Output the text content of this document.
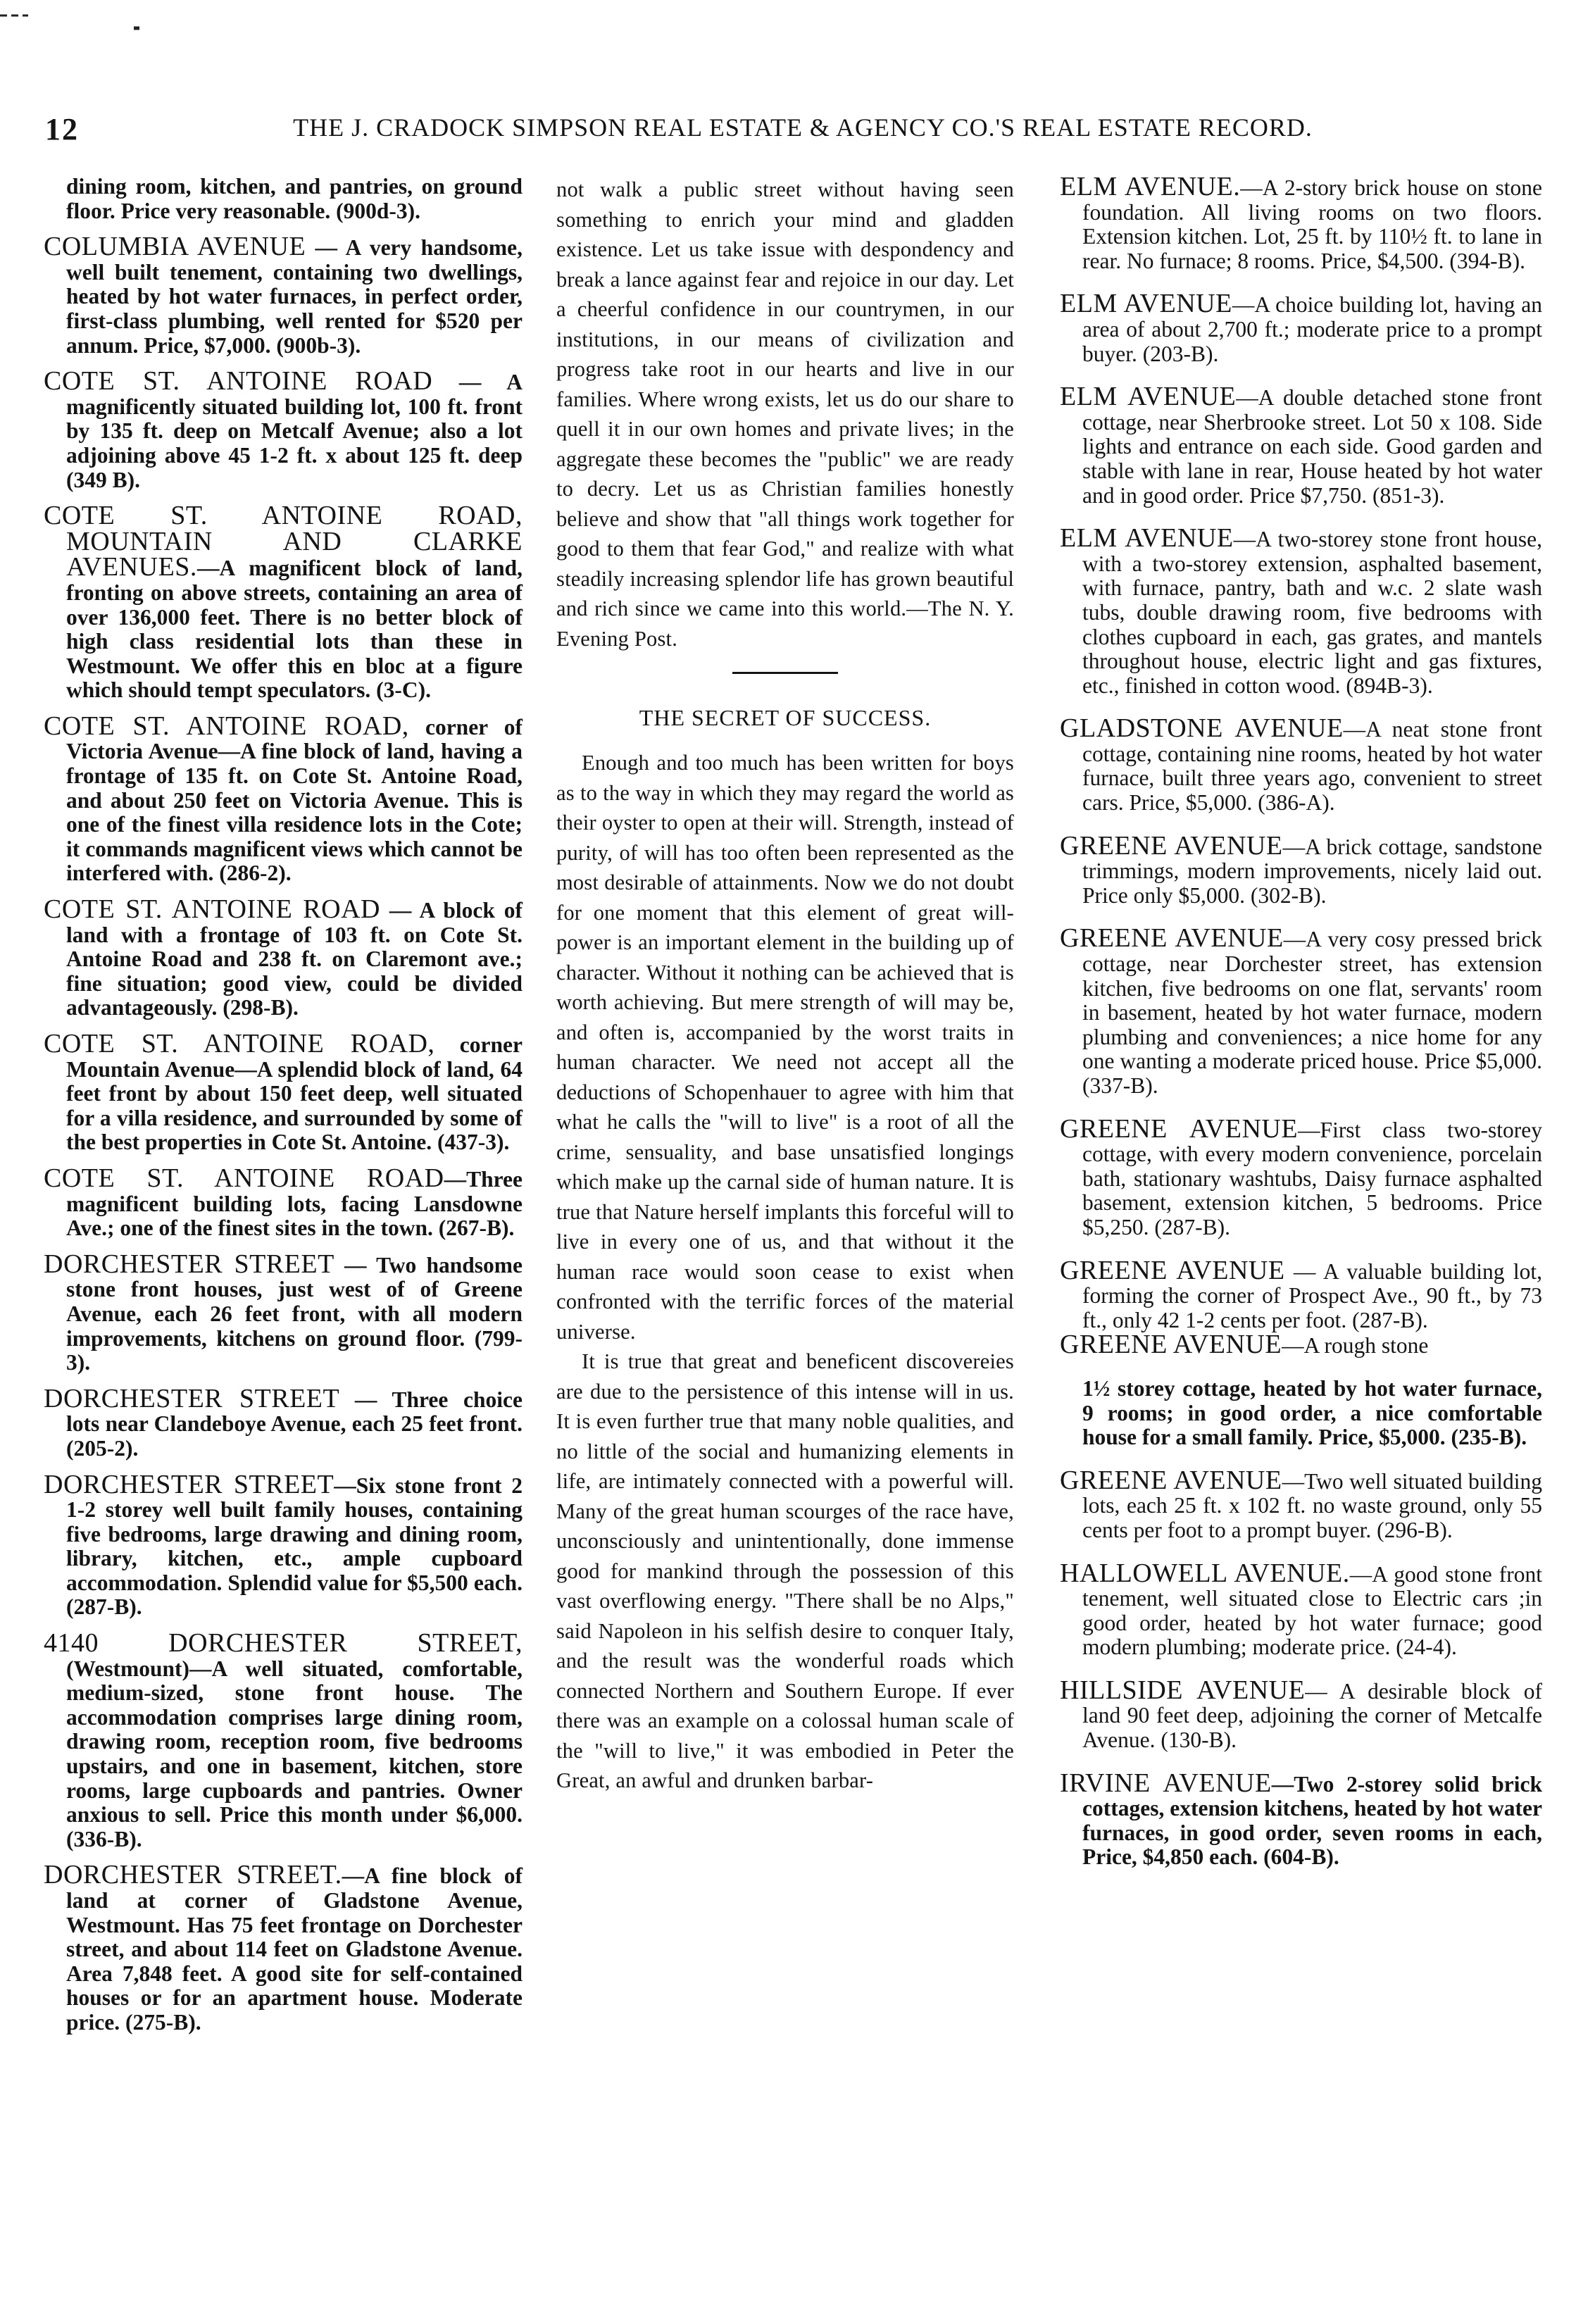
12	THE J. CRADOCK SIMPSON REAL ESTATE & AGENCY CO.'S REAL ESTATE RECORD.

dining room, kitchen, and pantries, on ground floor. Price very reasonable. (900d-3).

COLUMBIA AVENUE — A very handsome, well built tenement, containing two dwellings, heated by hot water furnaces, in perfect order, first-class plumbing, well rented for $520 per annum. Price, $7,000. (900b-3).

COTE ST. ANTOINE ROAD — A magnificently situated building lot, 100 ft. front by 135 ft. deep on Metcalf Avenue; also a lot adjoining above 45 1-2 ft. x about 125 ft. deep (349 B).

COTE ST. ANTOINE ROAD, MOUNTAIN AND CLARKE AVENUES.—A magnificent block of land, fronting on above streets, containing an area of over 136,000 feet. There is no better block of high class residential lots than these in Westmount. We offer this en bloc at a figure which should tempt speculators. (3-C).

COTE ST. ANTOINE ROAD, corner of Victoria Avenue—A fine block of land, having a frontage of 135 ft. on Cote St. Antoine Road, and about 250 feet on Victoria Avenue. This is one of the finest villa residence lots in the Cote; it commands magnificent views which cannot be interfered with. (286-2).

COTE ST. ANTOINE ROAD — A block of land with a frontage of 103 ft. on Cote St. Antoine Road and 238 ft. on Claremont ave.; fine situation; good view, could be divided advantageously. (298-B).

COTE ST. ANTOINE ROAD, corner Mountain Avenue—A splendid block of land, 64 feet front by about 150 feet deep, well situated for a villa residence, and surrounded by some of the best properties in Cote St. Antoine. (437-3).

COTE ST. ANTOINE ROAD—Three magnificent building lots, facing Lansdowne Ave.; one of the finest sites in the town. (267-B).

DORCHESTER STREET — Two handsome stone front houses, just west of of Greene Avenue, each 26 feet front, with all modern improvements, kitchens on ground floor. (799-3).

DORCHESTER STREET — Three choice lots near Clandeboye Avenue, each 25 feet front. (205-2).

DORCHESTER STREET—Six stone front 2 1-2 storey well built family houses, containing five bedrooms, large drawing and dining room, library, kitchen, etc., ample cupboard accommodation. Splendid value for $5,500 each. (287-B).

4140 DORCHESTER STREET, (Westmount)—A well situated, comfortable, medium-sized, stone front house. The accommodation comprises large dining room, drawing room, reception room, five bedrooms upstairs, and one in basement, kitchen, store rooms, large cupboards and pantries. Owner anxious to sell. Price this month under $6,000. (336-B).

DORCHESTER STREET.—A fine block of land at corner of Gladstone Avenue, Westmount. Has 75 feet frontage on Dorchester street, and about 114 feet on Gladstone Avenue. Area 7,848 feet. A good site for self-contained houses or for an apartment house. Moderate price. (275-B).

not walk a public street without having seen something to enrich your mind and gladden existence. Let us take issue with despondency and break a lance against fear and rejoice in our day. Let a cheerful confidence in our countrymen, in our institutions, in our means of civilization and progress take root in our hearts and live in our families. Where wrong exists, let us do our share to quell it in our own homes and private lives; in the aggregate these becomes the "public" we are ready to decry. Let us as Christian families honestly believe and show that "all things work together for good to them that fear God," and realize with what steadily increasing splendor life has grown beautiful and rich since we came into this world.—The N. Y. Evening Post.

THE SECRET OF SUCCESS.

Enough and too much has been written for boys as to the way in which they may regard the world as their oyster to open at their will. Strength, instead of purity, of will has too often been represented as the most desirable of attainments. Now we do not doubt for one moment that this element of great will-power is an important element in the building up of character. Without it nothing can be achieved that is worth achieving. But mere strength of will may be, and often is, accompanied by the worst traits in human character. We need not accept all the deductions of Schopenhauer to agree with him that what he calls the "will to live" is a root of all the crime, sensuality, and base unsatisfied longings which make up the carnal side of human nature. It is true that Nature herself implants this forceful will to live in every one of us, and that without it the human race would soon cease to exist when confronted with the terrific forces of the material universe.

It is true that great and beneficent discovereies are due to the persistence of this intense will in us. It is even further true that many noble qualities, and no little of the social and humanizing elements in life, are intimately connected with a powerful will. Many of the great human scourges of the race have, unconsciously and unintentionally, done immense good for mankind through the possession of this vast overflowing energy. "There shall be no Alps," said Napoleon in his selfish desire to conquer Italy, and the result was the wonderful roads which connected Northern and Southern Europe. If ever there was an example on a colossal human scale of the "will to live," it was embodied in Peter the Great, an awful and drunken barbar-

ELM AVENUE.—A 2-story brick house on stone foundation. All living rooms on two floors. Extension kitchen. Lot, 25 ft. by 110½ ft. to lane in rear. No furnace; 8 rooms. Price, $4,500. (394-B).

ELM AVENUE—A choice building lot, having an area of about 2,700 ft.; moderate price to a prompt buyer. (203-B).

ELM AVENUE—A double detached stone front cottage, near Sherbrooke street. Lot 50 x 108. Side lights and entrance on each side. Good garden and stable with lane in rear, House heated by hot water and in good order. Price $7,750. (851-3).

ELM AVENUE—A two-storey stone front house, with a two-storey extension, asphalted basement, with furnace, pantry, bath and w.c. 2 slate wash tubs, double drawing room, five bedrooms with clothes cupboard in each, gas grates, and mantels throughout house, electric light and gas fixtures, etc., finished in cotton wood. (894B-3).

GLADSTONE AVENUE—A neat stone front cottage, containing nine rooms, heated by hot water furnace, built three years ago, convenient to street cars. Price, $5,000. (386-A).

GREENE AVENUE—A brick cottage, sandstone trimmings, modern improvements, nicely laid out. Price only $5,000. (302-B).

GREENE AVENUE—A very cosy pressed brick cottage, near Dorchester street, has extension kitchen, five bedrooms on one flat, servants' room in basement, heated by hot water furnace, modern plumbing and conveniences; a nice home for any one wanting a moderate priced house. Price $5,000. (337-B).

GREENE AVENUE—First class two-storey cottage, with every modern convenience, porcelain bath, stationary washtubs, Daisy furnace asphalted basement, extension kitchen, 5 bedrooms. Price $5,250. (287-B).

GREENE AVENUE — A valuable building lot, forming the corner of Prospect Ave., 90 ft., by 73 ft., only 42 1-2 cents per foot. (287-B).

GREENE AVENUE—A rough stone

1½ storey cottage, heated by hot water furnace, 9 rooms; in good order, a nice comfortable house for a small family. Price, $5,000. (235-B).

GREENE AVENUE—Two well situated building lots, each 25 ft. x 102 ft. no waste ground, only 55 cents per foot to a prompt buyer. (296-B).

HALLOWELL AVENUE.—A good stone front tenement, well situated close to Electric cars ;in good order, heated by hot water furnace; good modern plumbing; moderate price. (24-4).

HILLSIDE AVENUE— A desirable block of land 90 feet deep, adjoining the corner of Metcalfe Avenue. (130-B).

IRVINE AVENUE—Two 2-storey solid brick cottages, extension kitchens, heated by hot water furnaces, in good order, seven rooms in each, Price, $4,850 each. (604-B).
